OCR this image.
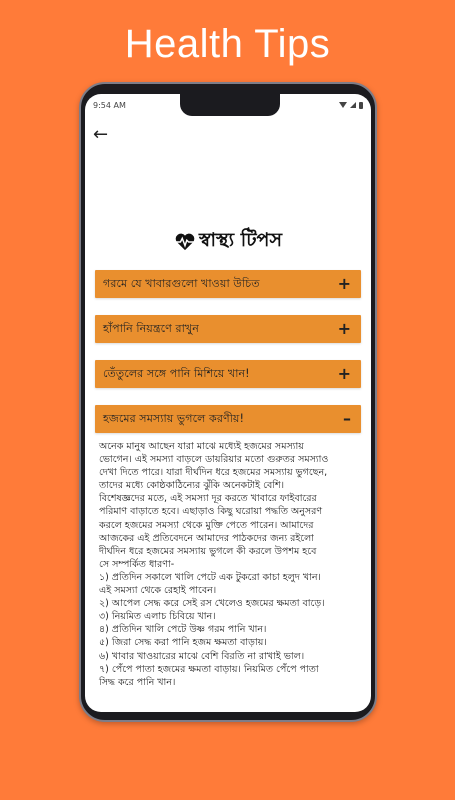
Health Tips
9:54 AM
←
স্বাস্থ্য টিপস
গরমে যে খাবারগুলো খাওয়া উচিত	+
হাঁপানি নিয়ন্ত্রণে রাখুন	+
তেঁতুলের সঙ্গে পানি মিশিয়ে খান!	+
হজমের সমস্যায় ভুগলে করণীয়!	–

অনেক মানুষ আছেন যারা মাঝে মধ্যেই হজমের সমস্যায়

ভোগেন। এই সমস্যা বাড়লে ডায়রিয়ার মতো গুরুতর সমস্যাও

দেখা দিতে পারে। যারা দীর্ঘদিন ধরে হজমের সমস্যায় ভুগছেন,

তাদের মধ্যে কোষ্ঠকাঠিন্যের ঝুঁকি অনেকটাই বেশি।

বিশেষজ্ঞদের মতে, এই সমস্যা দূর করতে খাবারে ফাইবারের

পরিমাণ বাড়াতে হবে। এছাড়াও কিছু ঘরোয়া পদ্ধতি অনুসরণ

করলে হজমের সমস্যা থেকে মুক্তি পেতে পারেন। আমাদের

আজকের এই প্রতিবেদনে আমাদের পাঠকদের জন্য রইলো

দীর্ঘদিন ধরে হজমের সমস্যায় ভুগলে কী করলে উপশম হবে

সে সম্পর্কিত ধারণা-

১) প্রতিদিন সকালে খালি পেটে এক টুকরো কাচা হলুদ খান।

এই সমস্যা থেকে রেহাই পাবেন।

২) আপেল সেদ্ধ করে সেই রস খেলেও হজমের ক্ষমতা বাড়ে।

৩) নিয়মিত এলাচ চিবিয়ে খান।

৪) প্রতিদিন খালি পেটে উষ্ণ গরম পানি খান।

৫) জিরা সেদ্ধ করা পানি হজম ক্ষমতা বাড়ায়।

৬) খাবার খাওয়ারের মাঝে বেশি বিরতি না রাখাই ভাল।

৭) পেঁপে পাতা হজমের ক্ষমতা বাড়ায়। নিয়মিত পেঁপে পাতা

সিদ্ধ করে পানি খান।
